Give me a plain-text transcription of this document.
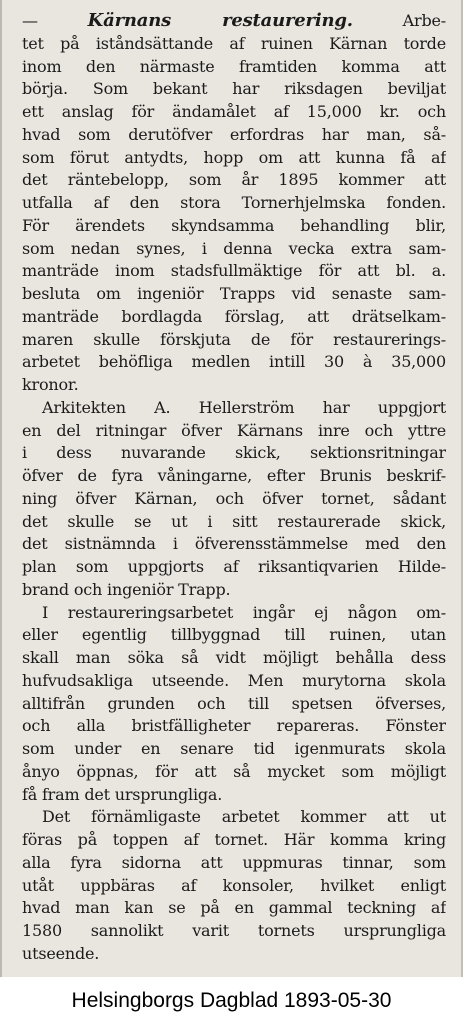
—	Kärnans restaurering.	Arbe-
tet på iståndsättande af ruinen Kärnan torde
inom den närmaste framtiden komma att
börja. Som bekant har riksdagen beviljat
ett anslag för ändamålet af 15,000 kr. och
hvad som derutöfver erfordras har man, så-
som förut antydts, hopp om att kunna få af
det räntebelopp, som år 1895 kommer att
utfalla af den stora Tornerhjelmska fonden.
För ärendets skyndsamma behandling blir,
som nedan synes, i denna vecka extra sam-
manträde inom stadsfullmäktige för att bl. a.
besluta om ingeniör Trapps vid senaste sam-
manträde bordlagda förslag, att drätselkam-
maren skulle förskjuta de för restaurerings-
arbetet behöfliga medlen intill 30 à 35,000
kronor.
Arkitekten A. Hellerström har uppgjort
en del ritningar öfver Kärnans inre och yttre
i dess nuvarande skick, sektionsritningar
öfver de fyra våningarne, efter Brunis beskrif-
ning öfver Kärnan, och öfver tornet, sådant
det skulle se ut i sitt restaurerade skick,
det sistnämnda i öfverensstämmelse med den
plan som uppgjorts af riksantiqvarien Hilde-
brand och ingeniör Trapp.
I restaureringsarbetet ingår ej någon om-
eller egentlig tillbyggnad till ruinen, utan
skall man söka så vidt möjligt behålla dess
hufvudsakliga utseende. Men murytorna skola
alltifrån grunden och till spetsen öfverses,
och alla bristfälligheter repareras. Fönster
som under en senare tid igenmurats skola
ånyo öppnas, för att så mycket som möjligt
få fram det ursprungliga.
Det förnämligaste arbetet kommer att ut
föras på toppen af tornet. Här komma kring
alla fyra sidorna att uppmuras tinnar, som
utåt uppbäras af konsoler, hvilket enligt
hvad man kan se på en gammal teckning af
1580 sannolikt varit tornets ursprungliga
utseende.
Helsingborgs Dagblad 1893-05-30
